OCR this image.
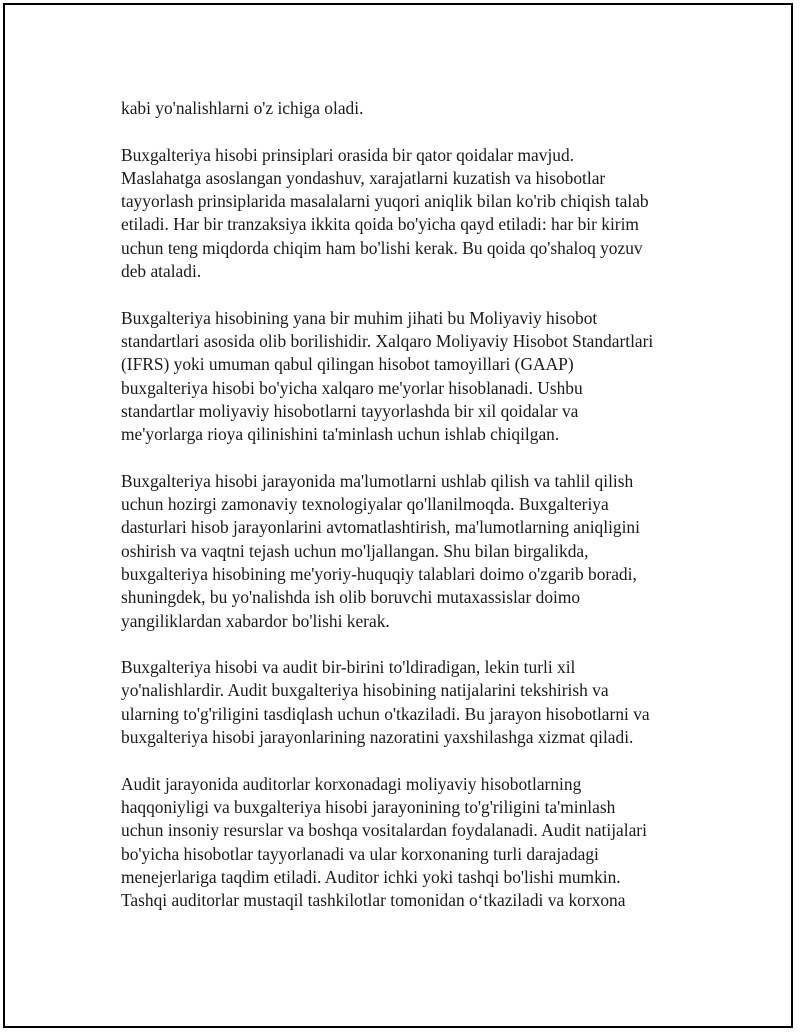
kabi yo'nalishlarni o'z ichiga oladi.

Buxgalteriya hisobi prinsiplari orasida bir qator qoidalar mavjud.
Maslahatga asoslangan yondashuv, xarajatlarni kuzatish va hisobotlar
tayyorlash prinsiplarida masalalarni yuqori aniqlik bilan ko'rib chiqish talab
etiladi. Har bir tranzaksiya ikkita qoida bo'yicha qayd etiladi: har bir kirim
uchun teng miqdorda chiqim ham bo'lishi kerak. Bu qoida qo'shaloq yozuv
deb ataladi.

Buxgalteriya hisobining yana bir muhim jihati bu Moliyaviy hisobot
standartlari asosida olib borilishidir. Xalqaro Moliyaviy Hisobot Standartlari
(IFRS) yoki umuman qabul qilingan hisobot tamoyillari (GAAP)
buxgalteriya hisobi bo'yicha xalqaro me'yorlar hisoblanadi. Ushbu
standartlar moliyaviy hisobotlarni tayyorlashda bir xil qoidalar va
me'yorlarga rioya qilinishini ta'minlash uchun ishlab chiqilgan.

Buxgalteriya hisobi jarayonida ma'lumotlarni ushlab qilish va tahlil qilish
uchun hozirgi zamonaviy texnologiyalar qo'llanilmoqda. Buxgalteriya
dasturlari hisob jarayonlarini avtomatlashtirish, ma'lumotlarning aniqligini
oshirish va vaqtni tejash uchun mo'ljallangan. Shu bilan birgalikda,
buxgalteriya hisobining me'yoriy-huquqiy talablari doimo o'zgarib boradi,
shuningdek, bu yo'nalishda ish olib boruvchi mutaxassislar doimo
yangiliklardan xabardor bo'lishi kerak.

Buxgalteriya hisobi va audit bir-birini to'ldiradigan, lekin turli xil
yo'nalishlardir. Audit buxgalteriya hisobining natijalarini tekshirish va
ularning to'g'riligini tasdiqlash uchun o'tkaziladi. Bu jarayon hisobotlarni va
buxgalteriya hisobi jarayonlarining nazoratini yaxshilashga xizmat qiladi.

Audit jarayonida auditorlar korxonadagi moliyaviy hisobotlarning
haqqoniyligi va buxgalteriya hisobi jarayonining to'g'riligini ta'minlash
uchun insoniy resurslar va boshqa vositalardan foydalanadi. Audit natijalari
bo'yicha hisobotlar tayyorlanadi va ular korxonaning turli darajadagi
menejerlariga taqdim etiladi. Auditor ichki yoki tashqi bo'lishi mumkin.
Tashqi auditorlar mustaqil tashkilotlar tomonidan o‘tkaziladi va korxona
